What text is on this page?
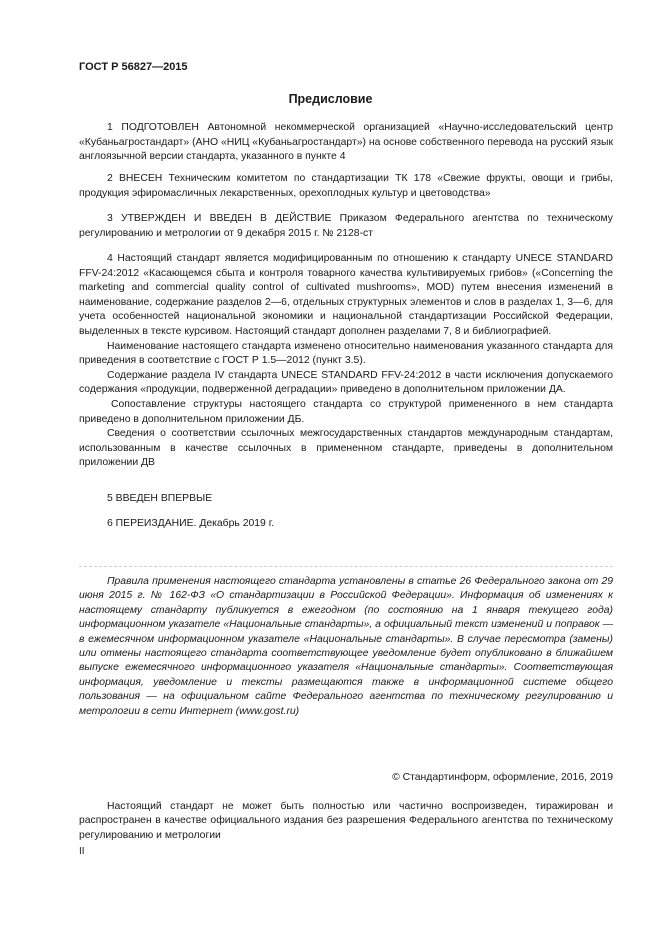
ГОСТ Р 56827—2015
Предисловие
1 ПОДГОТОВЛЕН Автономной некоммерческой организацией «Научно-исследовательский центр «Кубаньагростандарт» (АНО «НИЦ «Кубаньагростандарт») на основе собственного перевода на русский язык англоязычной версии стандарта, указанного в пункте 4
2 ВНЕСЕН Техническим комитетом по стандартизации ТК 178 «Свежие фрукты, овощи и грибы, продукция эфиромасличных лекарственных, орехоплодных культур и цветоводства»
3 УТВЕРЖДЕН И ВВЕДЕН В ДЕЙСТВИЕ Приказом Федерального агентства по техническому регулированию и метрологии от 9 декабря 2015 г. № 2128-ст

4 Настоящий стандарт является модифицированным по отношению к стандарту UNECE STANDARD FFV-24:2012 «Касающемся сбыта и контроля товарного качества культивируемых грибов» («Concerning the marketing and commercial quality control of cultivated mushrooms», MOD) путем внесения изменений в наименование, содержание разделов 2—6, отдельных структурных элементов и слов в разделах 1, 3—6, для учета особенностей национальной экономики и национальной стандартизации Российской Федерации, выделенных в тексте курсивом. Настоящий стандарт дополнен разделами 7, 8 и библиографией.

Наименование настоящего стандарта изменено относительно наименования указанного стандарта для приведения в соответствие с ГОСТ Р 1.5—2012 (пункт 3.5).

Содержание раздела IV стандарта UNECE STANDARD FFV-24:2012 в части исключения допускаемого содержания «продукции, подверженной деградации» приведено в дополнительном приложении ДА.

Сопоставление структуры настоящего стандарта со структурой примененного в нем стандарта приведено в дополнительном приложении ДБ.

Сведения о соответствии ссылочных межгосударственных стандартов международным стандартам, использованным в качестве ссылочных в примененном стандарте, приведены в дополнительном приложении ДВ

5 ВВЕДЕН ВПЕРВЫЕ
6 ПЕРЕИЗДАНИЕ. Декабрь 2019 г.
Правила применения настоящего стандарта установлены в статье 26 Федерального закона от 29 июня 2015 г. № 162-ФЗ «О стандартизации в Российской Федерации». Информация об изменениях к настоящему стандарту публикуется в ежегодном (по состоянию на 1 января текущего года) информационном указателе «Национальные стандарты», а официальный текст изменений и поправок — в ежемесячном информационном указателе «Национальные стандарты». В случае пересмотра (замены) или отмены настоящего стандарта соответствующее уведомление будет опубликовано в ближайшем выпуске ежемесячного информационного указателя «Национальные стандарты». Соответствующая информация, уведомление и тексты размещаются также в информационной системе общего пользования — на официальном сайте Федерального агентства по техническому регулированию и метрологии в сети Интернет (www.gost.ru)
© Стандартинформ, оформление, 2016, 2019
Настоящий стандарт не может быть полностью или частично воспроизведен, тиражирован и распространен в качестве официального издания без разрешения Федерального агентства по техническому регулированию и метрологии
II
